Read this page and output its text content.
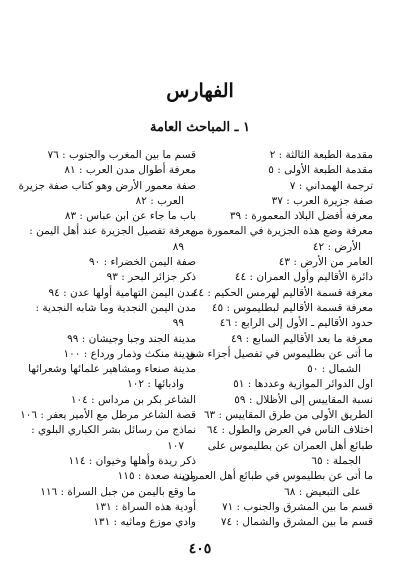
الفهارس
١ ـ المباحث العامة
مقدمة الطبعة الثالثة : ٢
مقدمة الطبعة الأولى : ٥
ترجمة الهمداني : ٧
صفة جزيرة العرب : ٣٧
معرفة أفضل البلاد المعمورة : ٣٩
معرفة وضع هذه الجزيرة في المعمورة من
الأرض : ٤٢
العامر من الأرض : ٤٣
دائرة الأقاليم وأول العمران : ٤٤
معرفة قسمة الأقاليم لهرمس الحكيم : ٤٤
معرفة قسمة الأقاليم لبطليموس : ٤٥
حدود الأقاليم ـ الأول إلى الرابع : ٤٦
معرفة ما بعد الأقاليم السابع : ٤٩
ما أتى عن بطليموس في تفصيل أجزاء شق
الشمال : ٥٠
اول الدوائر الموازية وعددها : ٥١
نسبة المقاييس إلى الأظلال : ٥٩
الطريق الأولى من طرق المقاييس : ٦٣
اختلاف الناس في العرض والطول : ٦٤
طبائع أهل العمران عن بطليموس على
الجملة : ٦٥
ما أتى عن بطليموس في طبائع أهل العمران
على التبعيض : ٦٨
قسم ما بين المشرق والجنوب : ٧١
قسم ما بين المشرق والشمال : ٧٤
قسم ما بين المغرب والجنوب : ٧٦
معرفة أطوال مدن العرب : ٨١
صفة معمور الأرض وهو كتاب صفة جزيرة
العرب : ٨٢
باب ما جاء عن ابن عباس : ٨٣
معرفة تفصيل الجزيرة عند أهل اليمن :
٨٩
صفة اليمن الخضراء : ٩٠
ذكر جزائر البحر : ٩٣
مدن اليمن التهامية أولها عدن : ٩٤
مدن اليمن النجدية وما شابه النجدية :
٩٩
مدينة الجند وجبا وجيشان : ٩٩
مدينة منكث وذمار ورداع : ١٠٠
مدينة صنعاء ومشاهير علمائها وشعرائها
وادبائها : ١٠٢
الشاعر بكر بن مرداس : ١٠٤
قصة الشاعر مرطل مع الأمير يعفر : ١٠٦
نماذج من رسائل بشر الكباري البلوي :
١٠٧
ذكر ريدة وأهلها وخيوان : ١١٤
مدينة صعدة : ١١٥
ما وقع باليمن من جبل السراة : ١١٦
أودية هذه السراة : ١٣١
وادي موزع وماثيه : ١٣١
٤٠٥
